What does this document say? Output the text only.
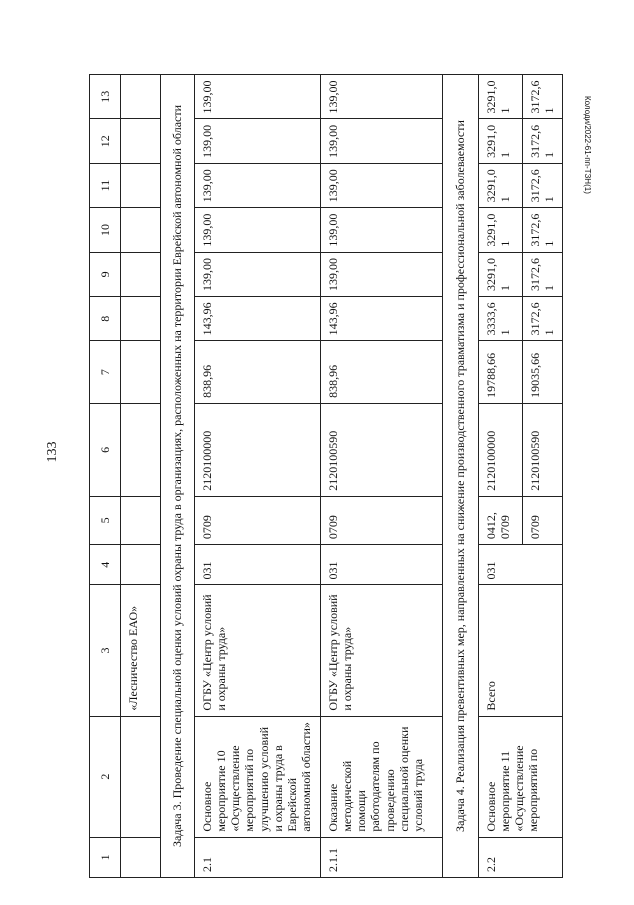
133
Колоди/2022-61-пп-ТЗН(1)
1	2	3	4	5	6	7	8	9	10	11	12	13
		«Лесничество ЕАО»										
Задача 3. Проведение специальной оценки условий охраны труда в организациях, расположенных на территории Еврейской автономной области												
2.1	Основное мероприятие 10 «Осуществление мероприятий по улучшению условий и охраны труда в Еврейской автономной области»	ОГБУ «Центр условий и охраны труда»	031	0709	2120100000	838,96	143,96	139,00	139,00	139,00	139,00	139,00
2.1.1	Оказание методической помощи работодателям по проведению специальной оценки условий труда	ОГБУ «Центр условий и охраны труда»	031	0709	2120100590	838,96	143,96	139,00	139,00	139,00	139,00	139,00
Задача 4. Реализация превентивных мер, направленных на снижение производственного травматизма и профессиональной заболеваемости												
2.2	Основное мероприятие 11 «Осуществление мероприятий по	Всего	031	0412, 0709	2120100000	19788,66	3333,61	3291,01	3291,01	3291,01	3291,01	3291,01
				0709	2120100590	19035,66	3172,61	3172,61	3172,61	3172,61	3172,61	3172,61
